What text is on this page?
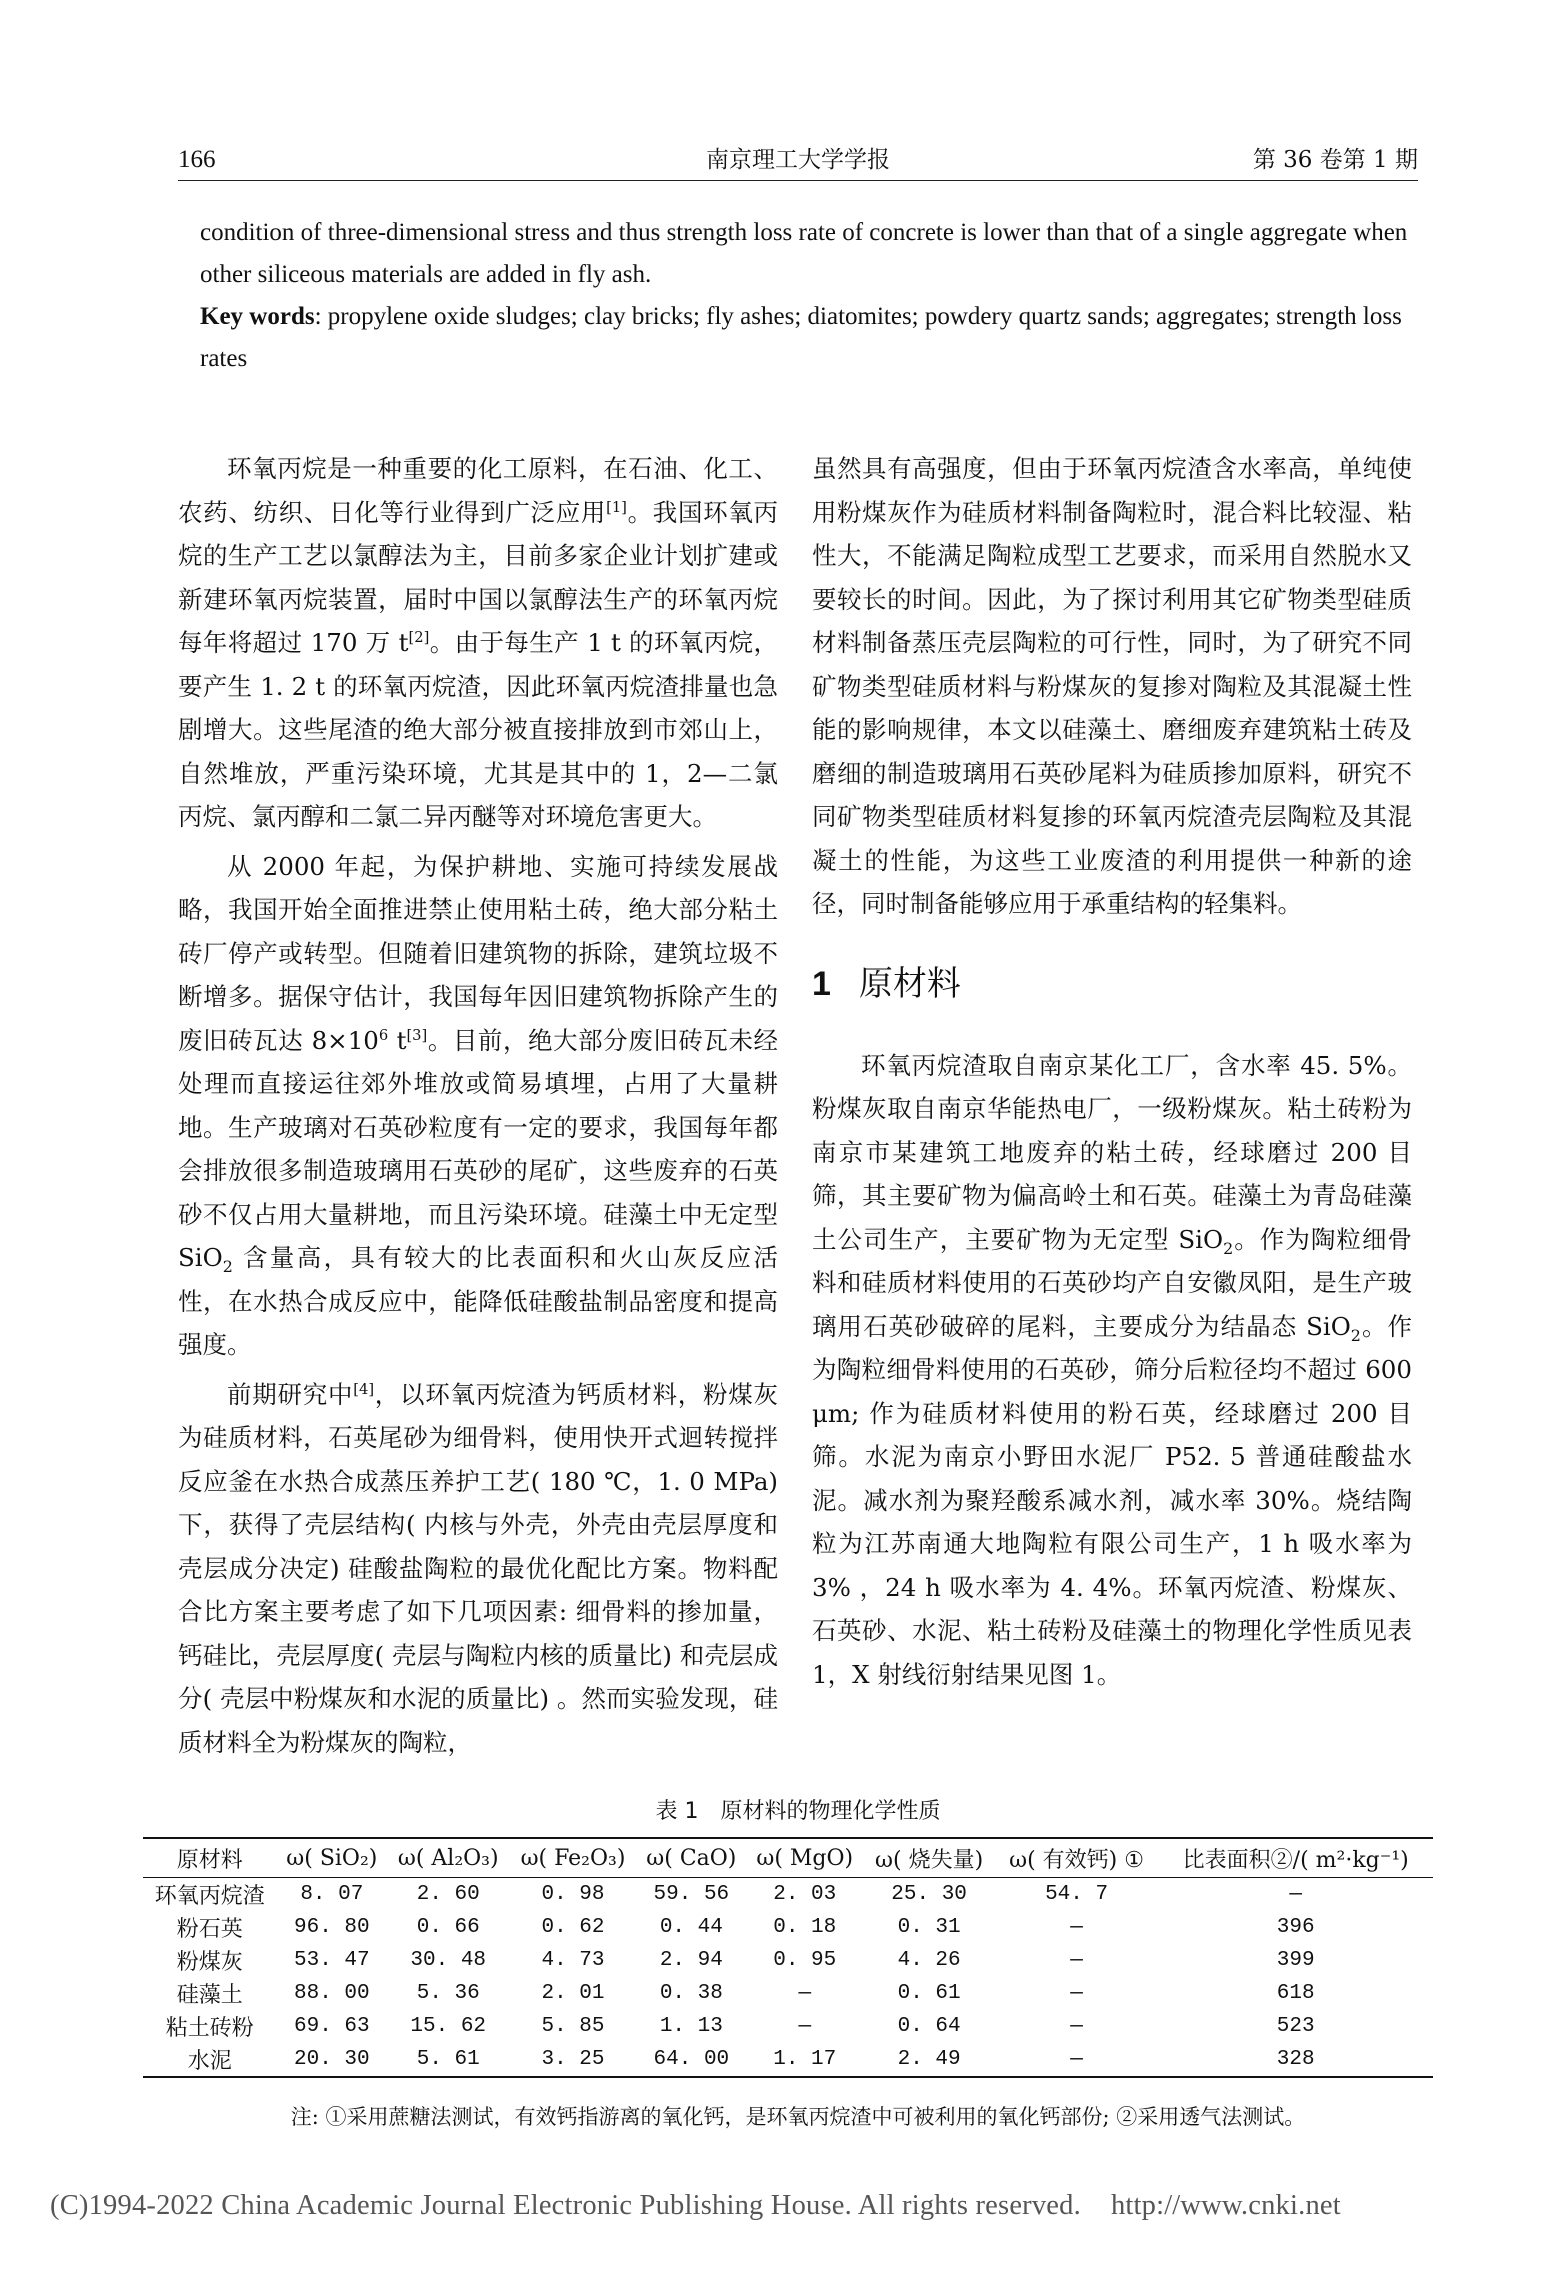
166	南京理工大学学报	第 36 卷第 1 期

condition of three-dimensional stress and thus strength loss rate of concrete is lower than that of a single aggregate when other siliceous materials are added in fly ash.

Key words: propylene oxide sludges; clay bricks; fly ashes; diatomites; powdery quartz sands; aggregates; strength loss rates

环氧丙烷是一种重要的化工原料，在石油、化工、农药、纺织、日化等行业得到广泛应用[1]。我国环氧丙烷的生产工艺以氯醇法为主，目前多家企业计划扩建或新建环氧丙烷装置，届时中国以氯醇法生产的环氧丙烷每年将超过 170 万 t[2]。由于每生产 1 t 的环氧丙烷，要产生 1. 2 t 的环氧丙烷渣，因此环氧丙烷渣排量也急剧增大。这些尾渣的绝大部分被直接排放到市郊山上，自然堆放，严重污染环境，尤其是其中的 1，2—二氯丙烷、氯丙醇和二氯二异丙醚等对环境危害更大。

从 2000 年起，为保护耕地、实施可持续发展战略，我国开始全面推进禁止使用粘土砖，绝大部分粘土砖厂停产或转型。但随着旧建筑物的拆除，建筑垃圾不断增多。据保守估计，我国每年因旧建筑物拆除产生的废旧砖瓦达 $8\times 10^6$ t[3]。目前，绝大部分废旧砖瓦未经处理而直接运往郊外堆放或简易填埋，占用了大量耕地。生产玻璃对石英砂粒度有一定的要求，我国每年都会排放很多制造玻璃用石英砂的尾矿，这些废弃的石英砂不仅占用大量耕地，而且污染环境。硅藻土中无定型 SiO$_2$ 含量高，具有较大的比表面积和火山灰反应活性，在水热合成反应中，能降低硅酸盐制品密度和提高强度。

前期研究中[4]，以环氧丙烷渣为钙质材料，粉煤灰为硅质材料，石英尾砂为细骨料，使用快开式迴转搅拌反应釜在水热合成蒸压养护工艺( 180 ℃，1. 0 MPa) 下，获得了壳层结构( 内核与外壳，外壳由壳层厚度和壳层成分决定) 硅酸盐陶粒的最优化配比方案。物料配合比方案主要考虑了如下几项因素: 细骨料的掺加量，钙硅比，壳层厚度( 壳层与陶粒内核的质量比) 和壳层成分( 壳层中粉煤灰和水泥的质量比) 。然而实验发现，硅质材料全为粉煤灰的陶粒，

虽然具有高强度，但由于环氧丙烷渣含水率高，单纯使用粉煤灰作为硅质材料制备陶粒时，混合料比较湿、粘性大，不能满足陶粒成型工艺要求，而采用自然脱水又要较长的时间。因此，为了探讨利用其它矿物类型硅质材料制备蒸压壳层陶粒的可行性，同时，为了研究不同矿物类型硅质材料与粉煤灰的复掺对陶粒及其混凝土性能的影响规律，本文以硅藻土、磨细废弃建筑粘土砖及磨细的制造玻璃用石英砂尾料为硅质掺加原料，研究不同矿物类型硅质材料复掺的环氧丙烷渣壳层陶粒及其混凝土的性能，为这些工业废渣的利用提供一种新的途径，同时制备能够应用于承重结构的轻集料。

1 原材料

环氧丙烷渣取自南京某化工厂，含水率 45. 5%。粉煤灰取自南京华能热电厂，一级粉煤灰。粘土砖粉为南京市某建筑工地废弃的粘土砖，经球磨过 200 目筛，其主要矿物为偏高岭土和石英。硅藻土为青岛硅藻土公司生产，主要矿物为无定型 SiO$_2$。作为陶粒细骨料和硅质材料使用的石英砂均产自安徽凤阳，是生产玻璃用石英砂破碎的尾料，主要成分为结晶态 SiO$_2$。作为陶粒细骨料使用的石英砂，筛分后粒径均不超过 600 μm; 作为硅质材料使用的粉石英，经球磨过 200 目筛。水泥为南京小野田水泥厂 P52. 5 普通硅酸盐水泥。减水剂为聚羟酸系减水剂，减水率 30%。烧结陶粒为江苏南通大地陶粒有限公司生产，1 h 吸水率为 3% ，24 h 吸水率为 4. 4%。环氧丙烷渣、粉煤灰、石英砂、水泥、粘土砖粉及硅藻土的物理化学性质见表 1，X 射线衍射结果见图 1。

表 1 原材料的物理化学性质
原材料	ω( SiO₂)	ω( Al₂O₃)	ω( Fe₂O₃)	ω( CaO)	ω( MgO)	ω( 烧失量)	ω( 有效钙) ①	比表面积②/( m²·kg⁻¹)
环氧丙烷渣	8. 07	2. 60	0. 98	59. 56	2. 03	25. 30	54. 7	—
粉石英	96. 80	0. 66	0. 62	0. 44	0. 18	0. 31	—	396
粉煤灰	53. 47	30. 48	4. 73	2. 94	0. 95	4. 26	—	399
硅藻土	88. 00	5. 36	2. 01	0. 38	—	0. 61	—	618
粘土砖粉	69. 63	15. 62	5. 85	1. 13	—	0. 64	—	523
水泥	20. 30	5. 61	3. 25	64. 00	1. 17	2. 49	—	328
注: ①采用蔗糖法测试，有效钙指游离的氧化钙，是环氧丙烷渣中可被利用的氧化钙部份; ②采用透气法测试。
(C)1994-2022 China Academic Journal Electronic Publishing House. All rights reserved. http://www.cnki.net
